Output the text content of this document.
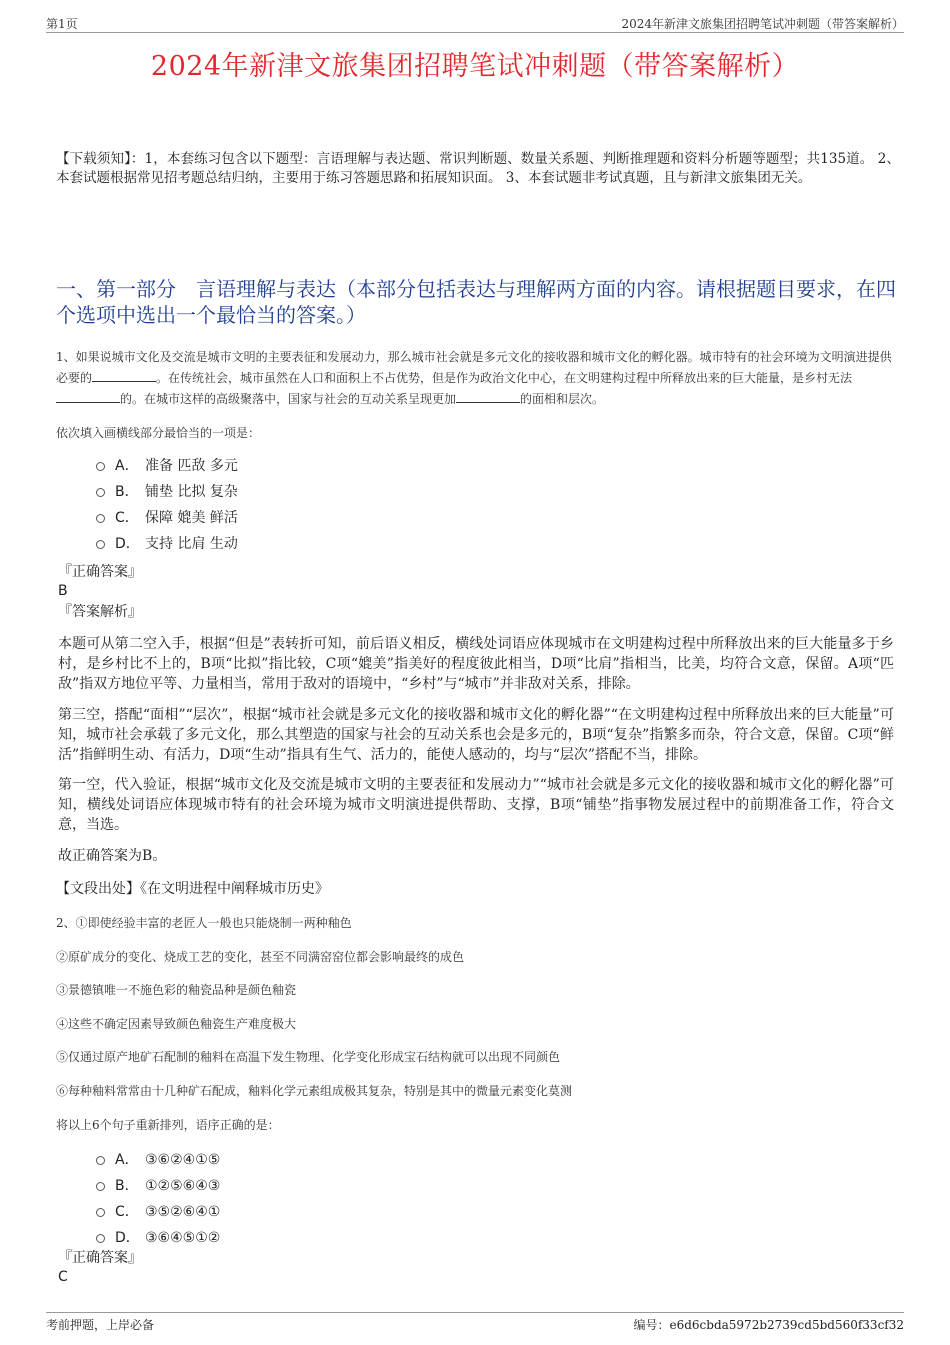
第1页	2024年新津文旅集团招聘笔试冲刺题（带答案解析）
2024年新津文旅集团招聘笔试冲刺题（带答案解析）
【下载须知】：1，本套练习包含以下题型：言语理解与表达题、常识判断题、数量关系题、判断推理题和资料分析题等题型；共135道。 2、本套试题根据常见招考题总结归纳，主要用于练习答题思路和拓展知识面。 3、本套试题非考试真题，且与新津文旅集团无关。
一、第一部分　言语理解与表达（本部分包括表达与理解两方面的内容。请根据题目要求，在四个选项中选出一个最恰当的答案。）
1、如果说城市文化及交流是城市文明的主要表征和发展动力，那么城市社会就是多元文化的接收器和城市文化的孵化器。城市特有的社会环境为文明演进提供必要的	。在传统社会，城市虽然在人口和面积上不占优势，但是作为政治文化中心，在文明建构过程中所释放出来的巨大能量，是乡村无法的。在城市这样的高级聚落中，国家与社会的互动关系呈现更加	的面相和层次。
依次填入画横线部分最恰当的一项是：
A． 准备 匹敌 多元
B． 铺垫 比拟 复杂
C． 保障 媲美 鲜活
D． 支持 比肩 生动
『正确答案』
B
『答案解析』
本题可从第二空入手，根据“但是”表转折可知，前后语义相反，横线处词语应体现城市在文明建构过程中所释放出来的巨大能量多于乡村，是乡村比不上的，B项“比拟”指比较，C项“媲美”指美好的程度彼此相当，D项“比肩”指相当，比美，均符合文意，保留。A项“匹敌”指双方地位平等、力量相当，常用于敌对的语境中，“乡村”与“城市”并非敌对关系，排除。
第三空，搭配“面相”“层次”，根据“城市社会就是多元文化的接收器和城市文化的孵化器”“在文明建构过程中所释放出来的巨大能量”可知，城市社会承载了多元文化，那么其塑造的国家与社会的互动关系也会是多元的，B项“复杂”指繁多而杂，符合文意，保留。C项“鲜活”指鲜明生动、有活力，D项“生动”指具有生气、活力的，能使人感动的，均与“层次”搭配不当，排除。
第一空，代入验证，根据“城市文化及交流是城市文明的主要表征和发展动力”“城市社会就是多元文化的接收器和城市文化的孵化器”可知，横线处词语应体现城市特有的社会环境为城市文明演进提供帮助、支撑，B项“铺垫”指事物发展过程中的前期准备工作，符合文意，当选。
故正确答案为B。
【文段出处】《在文明进程中阐释城市历史》
2、①即使经验丰富的老匠人一般也只能烧制一两种釉色
②原矿成分的变化、烧成工艺的变化，甚至不同满窑窑位都会影响最终的成色
③景德镇唯一不施色彩的釉瓷品种是颜色釉瓷
④这些不确定因素导致颜色釉瓷生产难度极大
⑤仅通过原产地矿石配制的釉料在高温下发生物理、化学变化形成宝石结构就可以出现不同颜色
⑥每种釉料常常由十几种矿石配成，釉料化学元素组成极其复杂，特别是其中的微量元素变化莫测
将以上6个句子重新排列，语序正确的是：
A． ③⑥②④①⑤
B． ①②⑤⑥④③
C． ③⑤②⑥④①
D． ③⑥④⑤①②
『正确答案』
C
考前押题，上岸必备	编号：e6d6cbda5972b2739cd5bd560f33cf32
